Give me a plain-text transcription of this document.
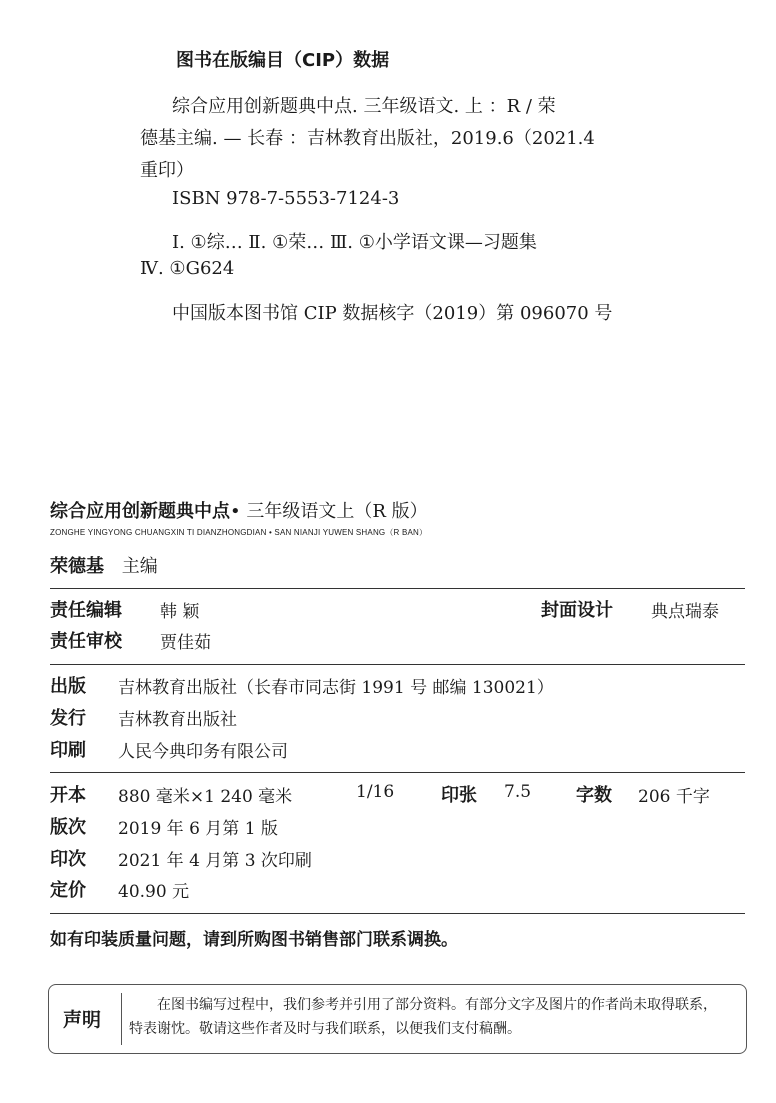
图书在版编目（CIP）数据
综合应用创新题典中点. 三年级语文. 上 ：R / 荣
德基主编. — 长春 ：吉林教育出版社，2019.6（2021.4
重印）
ISBN 978-7-5553-7124-3
Ⅰ. ①综… Ⅱ. ①荣… Ⅲ. ①小学语文课—习题集
Ⅳ. ①G624
中国版本图书馆 CIP 数据核字（2019）第 096070 号
综合应用创新题典中点• 三年级语文上（R 版）
ZONGHE YINGYONG CHUANGXIN TI DIANZHONGDIAN • SAN NIANJI YUWEN SHANG（R BAN）
荣德基 主编
责任编辑 韩 颖	封面设计 典点瑞泰
责任审校 贾佳茹
出版 吉林教育出版社（长春市同志街 1991 号 邮编 130021）
发行 吉林教育出版社
印刷 人民今典印务有限公司
开本 880 毫米×1 240 毫米	1/16	印张 7.5 字数 206 千字
版次 2019 年 6 月第 1 版
印次 2021 年 4 月第 3 次印刷
定价 40.90 元
如有印装质量问题，请到所购图书销售部门联系调换。
声明
在图书编写过程中，我们参考并引用了部分资料。有部分文字及图片的作者尚未取得联系，特表谢忱。敬请这些作者及时与我们联系，以便我们支付稿酬。
